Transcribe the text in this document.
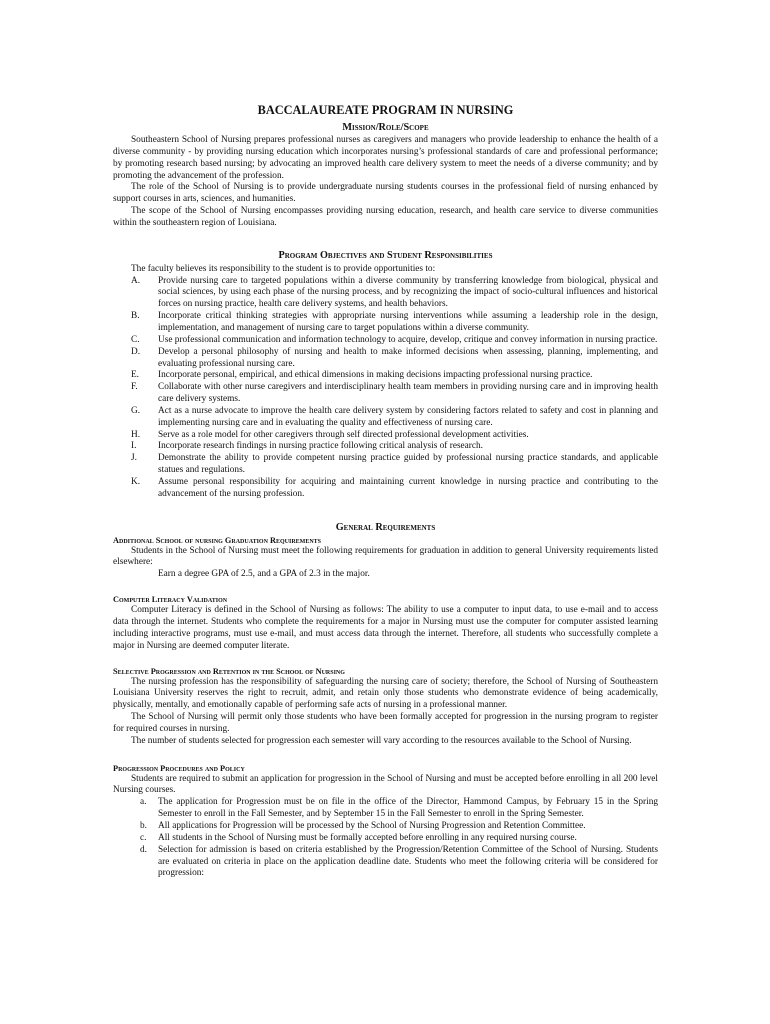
BACCALAUREATE PROGRAM IN NURSING
Mission/Role/Scope

Southeastern School of Nursing prepares professional nurses as caregivers and managers who provide leadership to enhance the health of a diverse community - by providing nursing education which incorporates nursing’s professional standards of care and professional performance; by promoting research based nursing; by advocating an improved health care delivery system to meet the needs of a diverse community; and by promoting the advancement of the profession.

The role of the School of Nursing is to provide undergraduate nursing students courses in the professional field of nursing enhanced by support courses in arts, sciences, and humanities.

The scope of the School of Nursing encompasses providing nursing education, research, and health care service to diverse communities within the southeastern region of Louisiana.

Program Objectives and Student Responsibilities

The faculty believes its responsibility to the student is to provide opportunities to:

A.	Provide nursing care to targeted populations within a diverse community by transferring knowledge from biological, physical and social sciences, by using each phase of the nursing process, and by recognizing the impact of socio-cultural influences and historical forces on nursing practice, health care delivery systems, and health behaviors.
B.	Incorporate critical thinking strategies with appropriate nursing interventions while assuming a leadership role in the design, implementation, and management of nursing care to target populations within a diverse community.
C.	Use professional communication and information technology to acquire, develop, critique and convey information in nursing practice.
D.	Develop a personal philosophy of nursing and health to make informed decisions when assessing, planning, implementing, and evaluating professional nursing care.
E.	Incorporate personal, empirical, and ethical dimensions in making decisions impacting professional nursing practice.
F.	Collaborate with other nurse caregivers and interdisciplinary health team members in providing nursing care and in improving health care delivery systems.
G.	Act as a nurse advocate to improve the health care delivery system by considering factors related to safety and cost in planning and implementing nursing care and in evaluating the quality and effectiveness of nursing care.
H.	Serve as a role model for other caregivers through self directed professional development activities.
I.	Incorporate research findings in nursing practice following critical analysis of research.
J.	Demonstrate the ability to provide competent nursing practice guided by professional nursing practice standards, and applicable statues and regulations.
K.	Assume personal responsibility for acquiring and maintaining current knowledge in nursing practice and contributing to the advancement of the nursing profession.
General Requirements
Additional School of nursing Graduation Requirements

Students in the School of Nursing must meet the following requirements for graduation in addition to general University requirements listed elsewhere:

Earn a degree GPA of 2.5, and a GPA of 2.3 in the major.

Computer Literacy Validation

Computer Literacy is defined in the School of Nursing as follows: The ability to use a computer to input data, to use e-mail and to access data through the internet. Students who complete the requirements for a major in Nursing must use the computer for computer assisted learning including interactive programs, must use e-mail, and must access data through the internet. Therefore, all students who successfully complete a major in Nursing are deemed computer literate.

Selective Progression and Retention in the School of Nursing

The nursing profession has the responsibility of safeguarding the nursing care of society; therefore, the School of Nursing of Southeastern Louisiana University reserves the right to recruit, admit, and retain only those students who demonstrate evidence of being academically, physically, mentally, and emotionally capable of performing safe acts of nursing in a professional manner.

The School of Nursing will permit only those students who have been formally accepted for progression in the nursing program to register for required courses in nursing.

The number of students selected for progression each semester will vary according to the resources available to the School of Nursing.

Progression Procedures and Policy

Students are required to submit an application for progression in the School of Nursing and must be accepted before enrolling in all 200 level Nursing courses.

a.	The application for Progression must be on file in the office of the Director, Hammond Campus, by February 15 in the Spring Semester to enroll in the Fall Semester, and by September 15 in the Fall Semester to enroll in the Spring Semester.
b.	All applications for Progression will be processed by the School of Nursing Progression and Retention Committee.
c.	All students in the School of Nursing must be formally accepted before enrolling in any required nursing course.
d.	Selection for admission is based on criteria established by the Progression/Retention Committee of the School of Nursing. Students are evaluated on criteria in place on the application deadline date. Students who meet the following criteria will be considered for progression:
